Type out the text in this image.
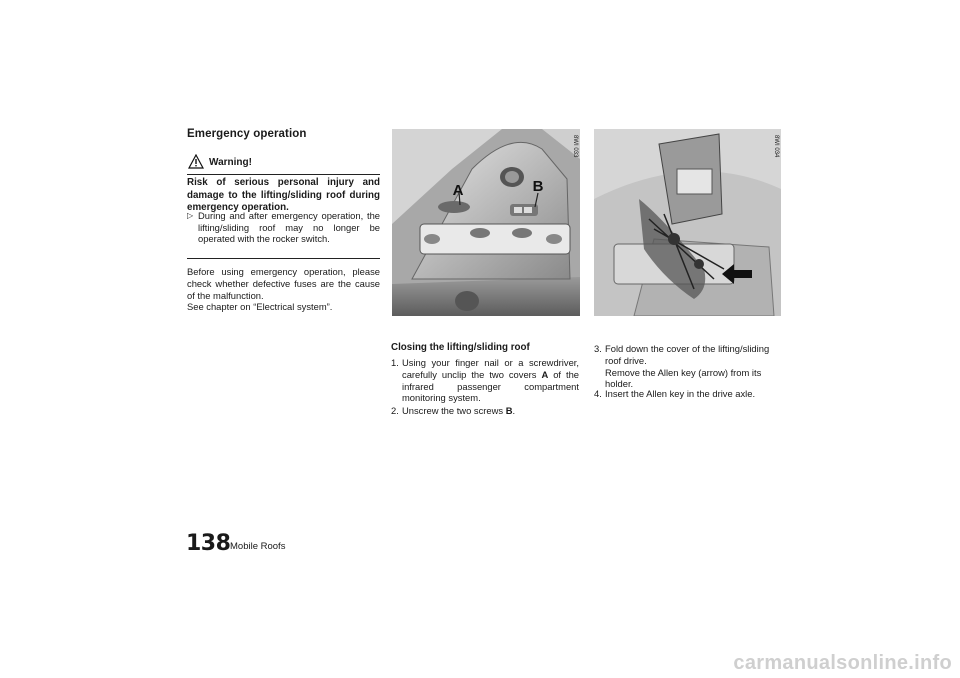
Emergency operation
Warning!
Risk of serious personal injury and damage to the lifting/sliding roof during emergency operation.
▷ During and after emergency operation, the lifting/sliding roof may no longer be operated with the rocker switch.
Before using emergency operation, please check whether defective fuses are the cause of the malfunction.
See chapter on “Electrical system”.
A	B
8WI 033	8WI 034
Closing the lifting/sliding roof
1. Using your finger nail or a screwdriver, carefully unclip the two covers A of the infrared passenger compartment monitoring system.
2. Unscrew the two screws B.
3. Fold down the cover of the lifting/sliding roof drive.
Remove the Allen key (arrow) from its holder.
4. Insert the Allen key in the drive axle.
138 Mobile Roofs
carmanualsonline.info
